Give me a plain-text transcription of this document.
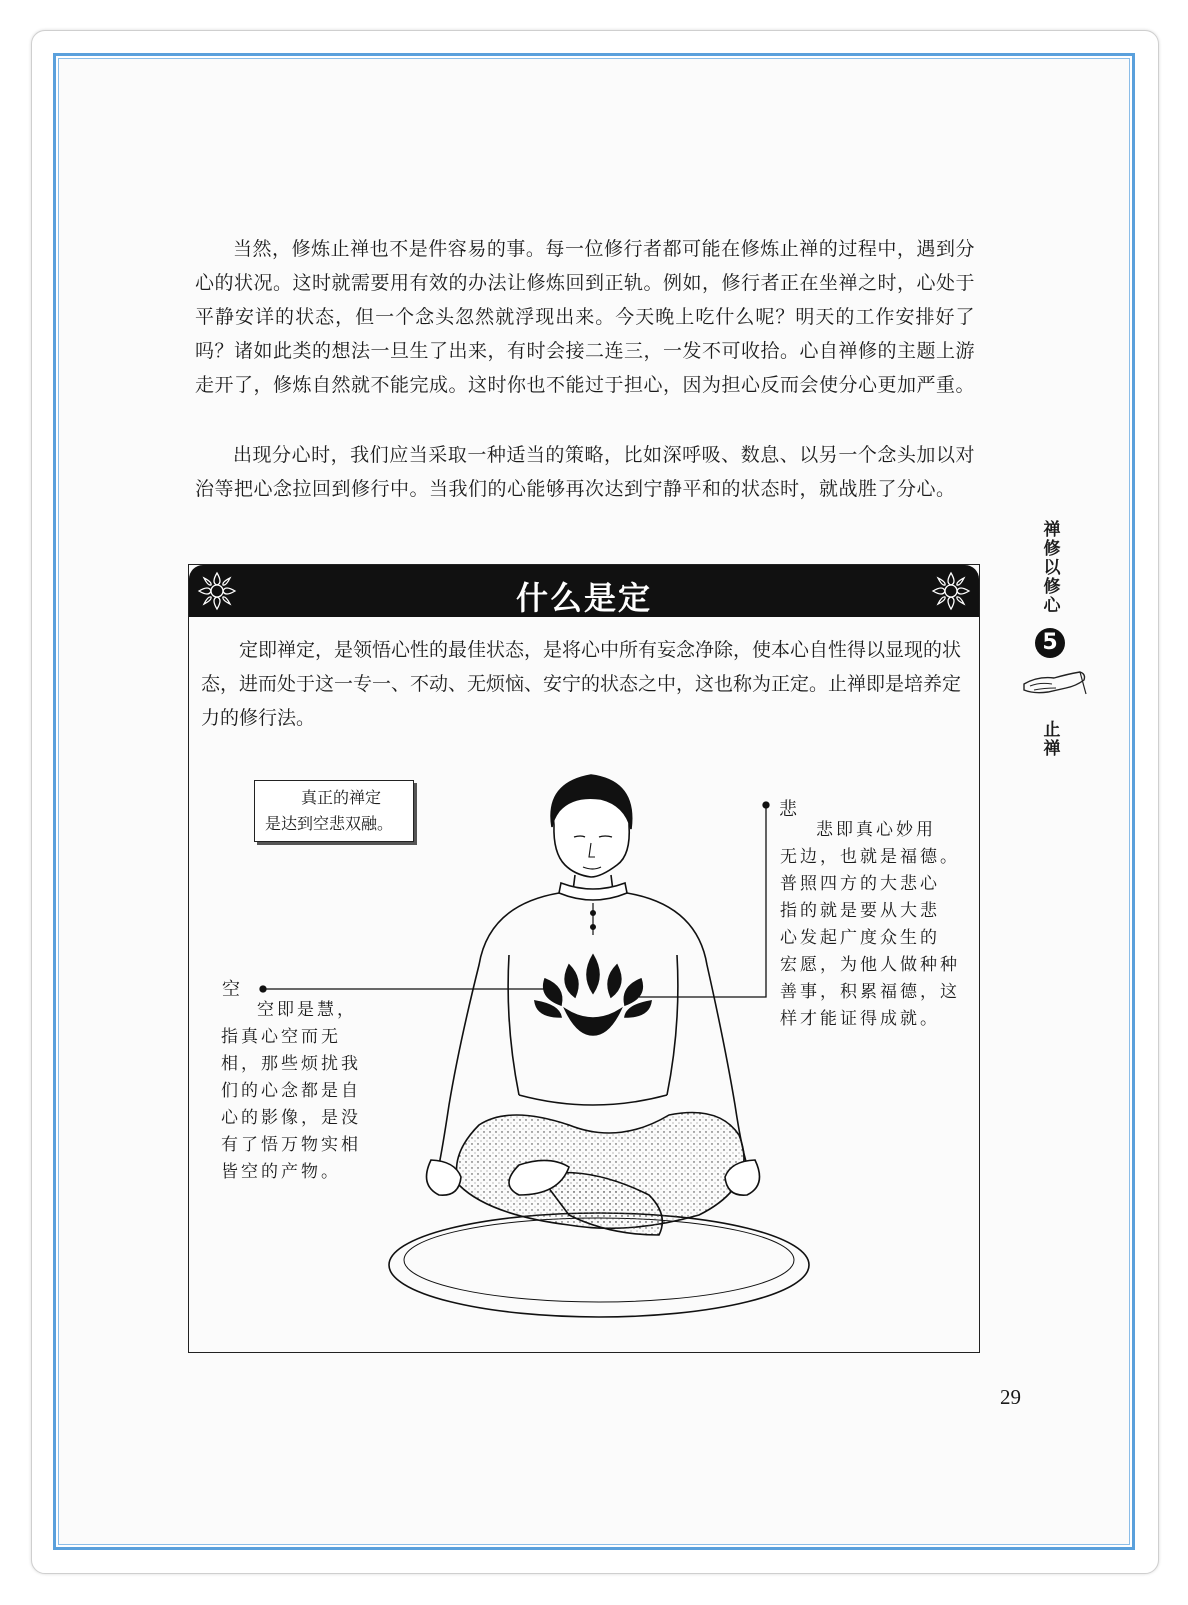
当然，修炼止禅也不是件容易的事。每一位修行者都可能在修炼止禅的过程中，遇到分心的状况。这时就需要用有效的办法让修炼回到正轨。例如，修行者正在坐禅之时，心处于平静安详的状态，但一个念头忽然就浮现出来。今天晚上吃什么呢？明天的工作安排好了吗？诸如此类的想法一旦生了出来，有时会接二连三，一发不可收拾。心自禅修的主题上游走开了，修炼自然就不能完成。这时你也不能过于担心，因为担心反而会使分心更加严重。

出现分心时，我们应当采取一种适当的策略，比如深呼吸、数息、以另一个念头加以对治等把心念拉回到修行中。当我们的心能够再次达到宁静平和的状态时，就战胜了分心。

禅修以修心
5
止禅
什么是定
定即禅定，是领悟心性的最佳状态，是将心中所有妄念净除，使本心自性得以显现的状态，进而处于这一专一、不动、无烦恼、安宁的状态之中，这也称为正定。止禅即是培养定力的修行法。
真正的禅定
是达到空悲双融。
空
空即是慧，
指真心空而无
相，那些烦扰我
们的心念都是自
心的影像，是没
有了悟万物实相
皆空的产物。
悲
悲即真心妙用
无边，也就是福德。
普照四方的大悲心
指的就是要从大悲
心发起广度众生的
宏愿，为他人做种种
善事，积累福德，这
样才能证得成就。
29
